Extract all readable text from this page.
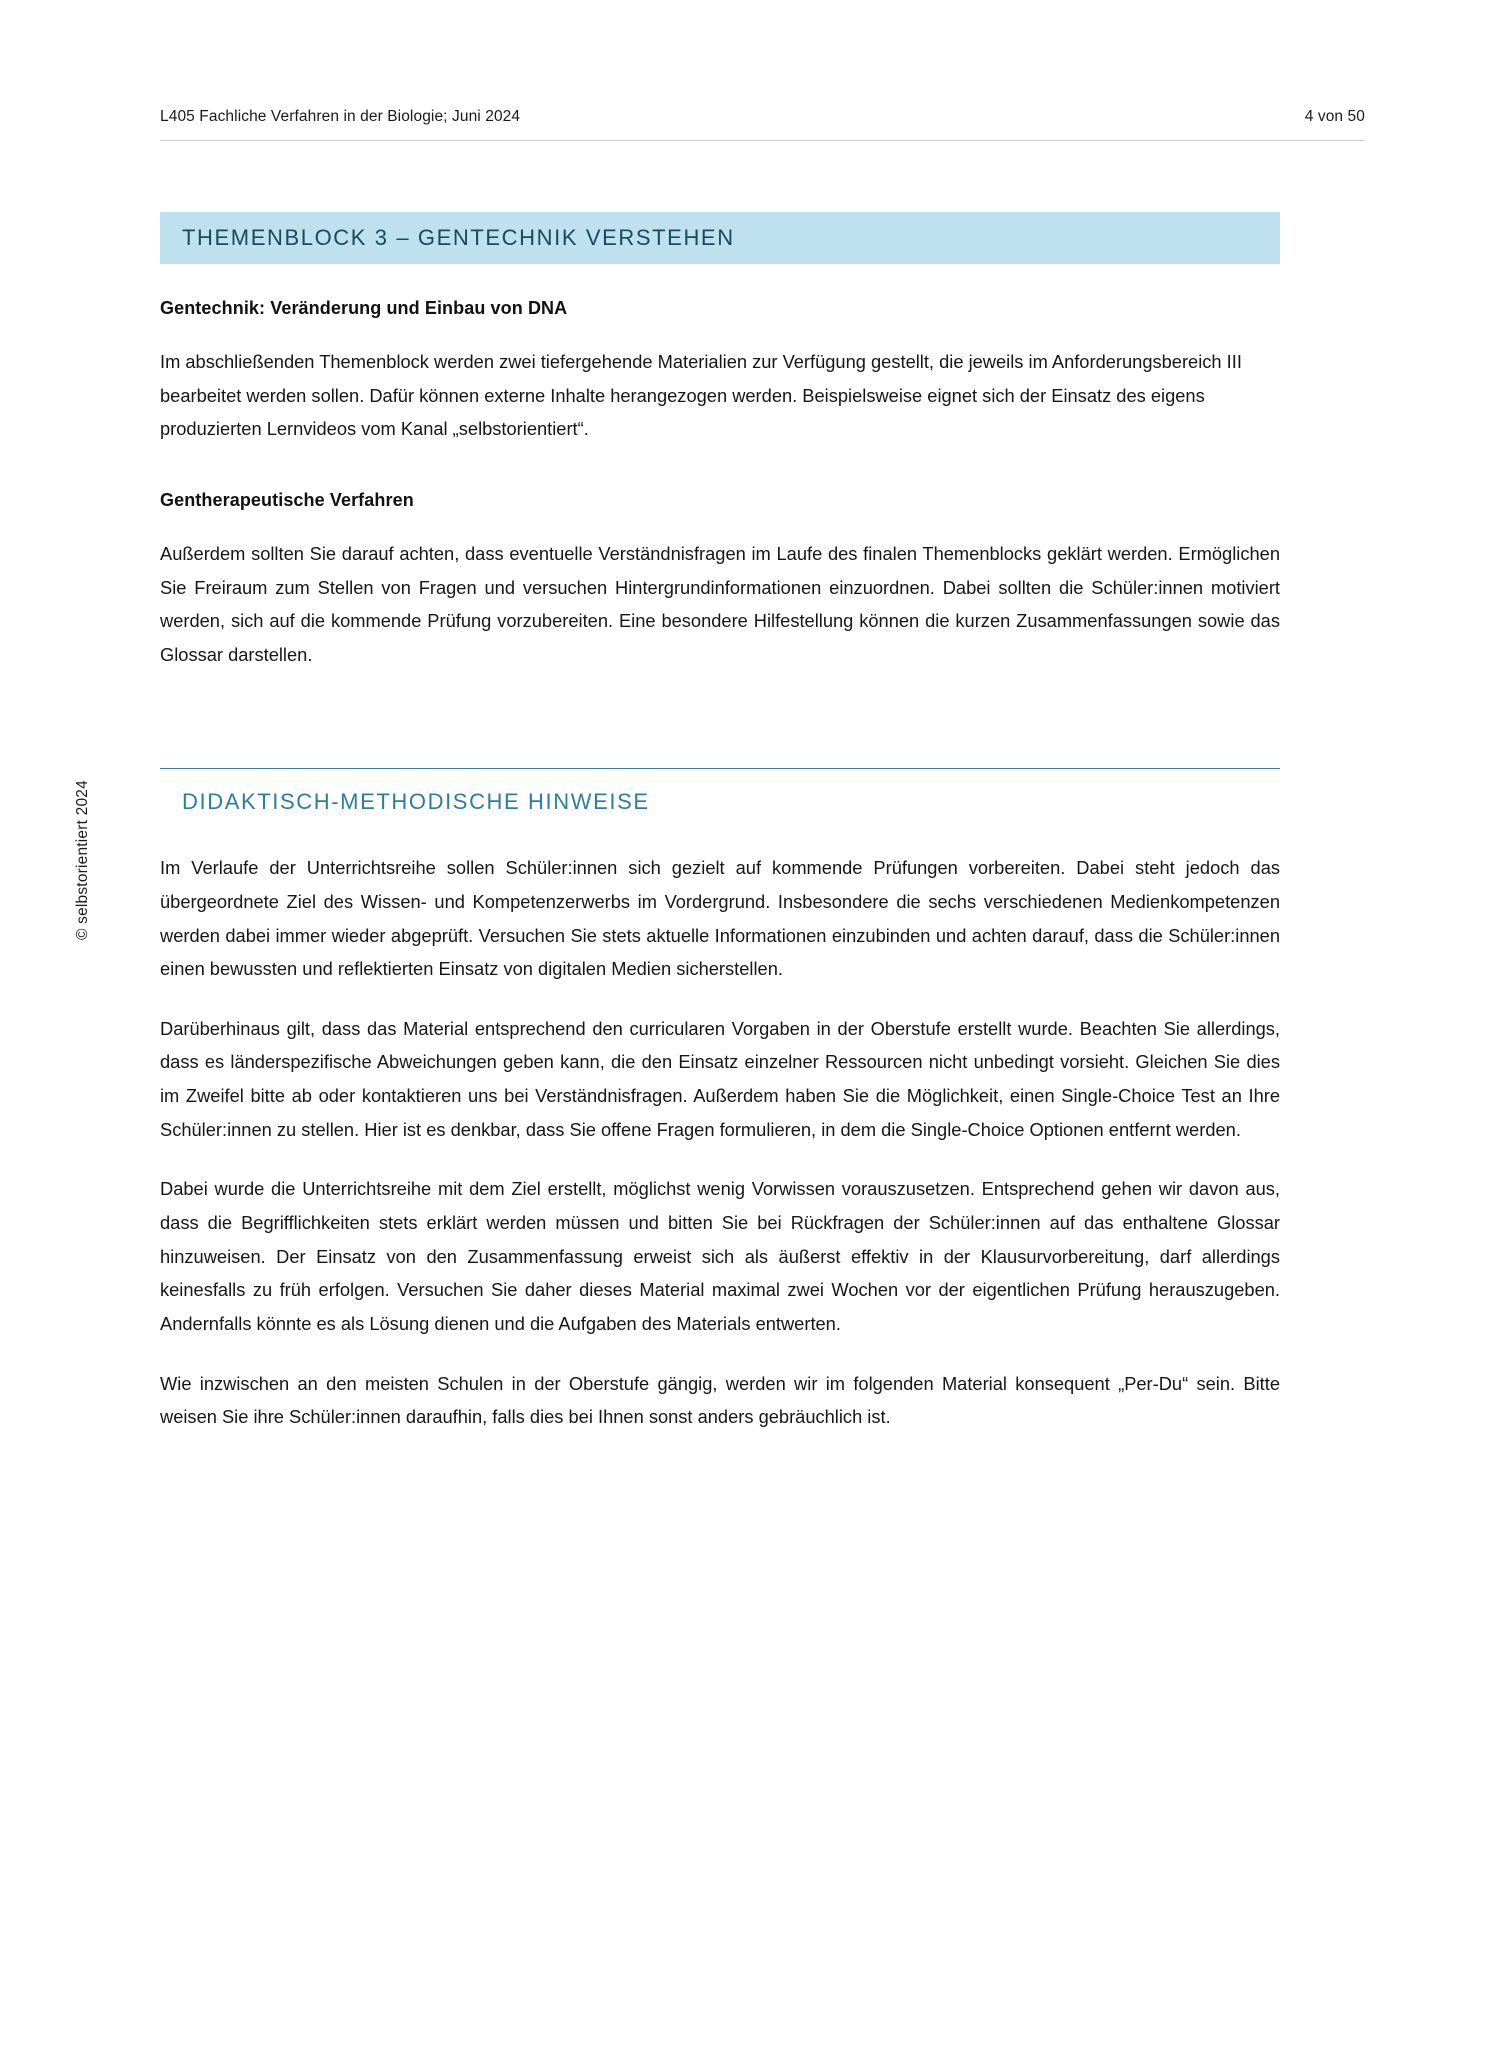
L405 Fachliche Verfahren in der Biologie; Juni 2024	4 von 50
© selbstorientiert 2024
THEMENBLOCK 3 – GENTECHNIK VERSTEHEN
Gentechnik: Veränderung und Einbau von DNA

Im abschließenden Themenblock werden zwei tiefergehende Materialien zur Verfügung gestellt, die jeweils im Anforderungsbereich III bearbeitet werden sollen. Dafür können externe Inhalte herangezogen werden. Beispielsweise eignet sich der Einsatz des eigens produzierten Lernvideos vom Kanal „selbstorientiert“.

Gentherapeutische Verfahren

Außerdem sollten Sie darauf achten, dass eventuelle Verständnisfragen im Laufe des finalen Themenblocks geklärt werden. Ermöglichen Sie Freiraum zum Stellen von Fragen und versuchen Hintergrundinformationen einzuordnen. Dabei sollten die Schüler:innen motiviert werden, sich auf die kommende Prüfung vorzubereiten. Eine besondere Hilfestellung können die kurzen Zusammenfassungen sowie das Glossar darstellen.

DIDAKTISCH-METHODISCHE HINWEISE

Im Verlaufe der Unterrichtsreihe sollen Schüler:innen sich gezielt auf kommende Prüfungen vorbereiten. Dabei steht jedoch das übergeordnete Ziel des Wissen- und Kompetenzerwerbs im Vordergrund. Insbesondere die sechs verschiedenen Medienkompetenzen werden dabei immer wieder abgeprüft. Versuchen Sie stets aktuelle Informationen einzubinden und achten darauf, dass die Schüler:innen einen bewussten und reflektierten Einsatz von digitalen Medien sicherstellen.

Darüberhinaus gilt, dass das Material entsprechend den curricularen Vorgaben in der Oberstufe erstellt wurde. Beachten Sie allerdings, dass es länderspezifische Abweichungen geben kann, die den Einsatz einzelner Ressourcen nicht unbedingt vorsieht. Gleichen Sie dies im Zweifel bitte ab oder kontaktieren uns bei Verständnisfragen. Außerdem haben Sie die Möglichkeit, einen Single-Choice Test an Ihre Schüler:innen zu stellen. Hier ist es denkbar, dass Sie offene Fragen formulieren, in dem die Single-Choice Optionen entfernt werden.

Dabei wurde die Unterrichtsreihe mit dem Ziel erstellt, möglichst wenig Vorwissen vorauszusetzen. Entsprechend gehen wir davon aus, dass die Begrifflichkeiten stets erklärt werden müssen und bitten Sie bei Rückfragen der Schüler:innen auf das enthaltene Glossar hinzuweisen. Der Einsatz von den Zusammenfassung erweist sich als äußerst effektiv in der Klausurvorbereitung, darf allerdings keinesfalls zu früh erfolgen. Versuchen Sie daher dieses Material maximal zwei Wochen vor der eigentlichen Prüfung herauszugeben. Andernfalls könnte es als Lösung dienen und die Aufgaben des Materials entwerten.

Wie inzwischen an den meisten Schulen in der Oberstufe gängig, werden wir im folgenden Material konsequent „Per-Du“ sein. Bitte weisen Sie ihre Schüler:innen daraufhin, falls dies bei Ihnen sonst anders gebräuchlich ist.
